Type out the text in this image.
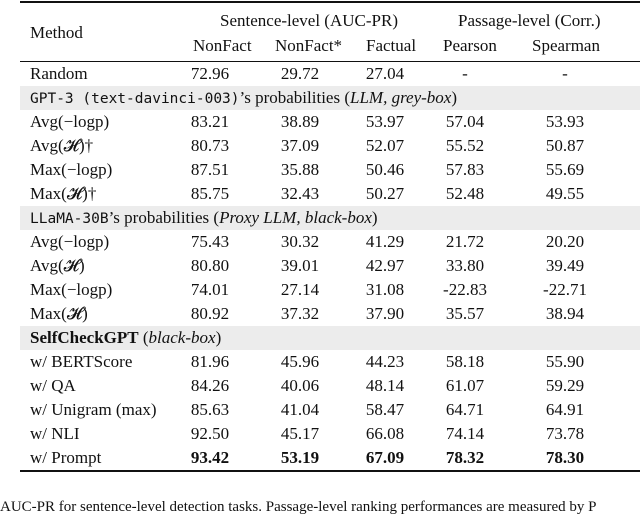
Method
Sentence-level (AUC-PR)	Passage-level (Corr.)
NonFact NonFact* Factual Pearson Spearman
Random	72.96	29.72	27.04	-	-
GPT-3 (text-davinci-003)’s probabilities (LLM, grey-box)
Avg(−logp)	83.21	38.89	53.97	57.04	53.93
Avg(𝓗)†	80.73	37.09	52.07	55.52	50.87
Max(−logp)	87.51	35.88	50.46	57.83	55.69
Max(𝓗)†	85.75	32.43	50.27	52.48	49.55
LLaMA-30B’s probabilities (Proxy LLM, black-box)
Avg(−logp)	75.43	30.32	41.29	21.72	20.20
Avg(𝓗)	80.80	39.01	42.97	33.80	39.49
Max(−logp)	74.01	27.14	31.08	-22.83	-22.71
Max(𝓗)	80.92	37.32	37.90	35.57	38.94
SelfCheckGPT (black-box)
w/ BERTScore	81.96	45.96	44.23	58.18	55.90
w/ QA	84.26	40.06	48.14	61.07	59.29
w/ Unigram (max)	85.63	41.04	58.47	64.71	64.91
w/ NLI	92.50	45.17	66.08	74.14	73.78
w/ Prompt	93.42	53.19	67.09	78.32	78.30
AUC-PR for sentence-level detection tasks. Passage-level ranking performances are measured by P
